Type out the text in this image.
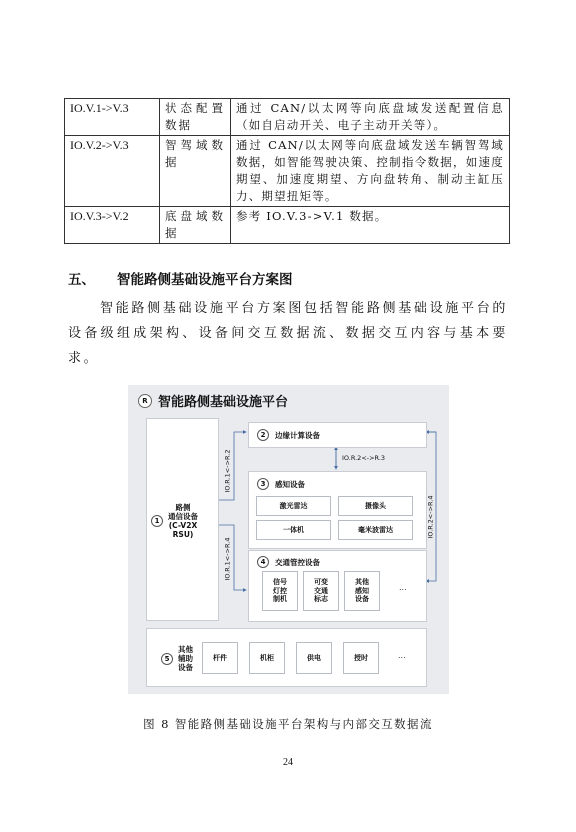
IO.V.1->V.3	状态配置数据	通过 CAN/以太网等向底盘域发送配置信息（如自启动开关、电子主动开关等）。
IO.V.2->V.3	智驾域数据	通过 CAN/以太网等向底盘域发送车辆智驾域数据，如智能驾驶决策、控制指令数据，如速度期望、加速度期望、方向盘转角、制动主缸压力、期望扭矩等。
IO.V.3->V.2	底盘域数据	参考 IO.V.3->V.1 数据。
五、 智能路侧基础设施平台方案图

智能路侧基础设施平台方案图包括智能路侧基础设施平台的设备级组成架构、设备间交互数据流、数据交互内容与基本要求。

R 智能路侧基础设施平台
1
路侧
通信设备
(C-V2X
RSU)
2	边缘计算设备
IO.R.1<->R.2
IO.R.1<->R.4
IO.R.2<->R.4
IO.R.2<->R.3
3	感知设备
激光雷达	摄像头
一体机	毫米波雷达
4	交通管控设备
信号
灯控
制机
可变
交通
标志
其他
感知
设备
...
5
其他
辅助
设备
杆件	机柜	供电	授时	...
图 8 智能路侧基础设施平台架构与内部交互数据流
24
